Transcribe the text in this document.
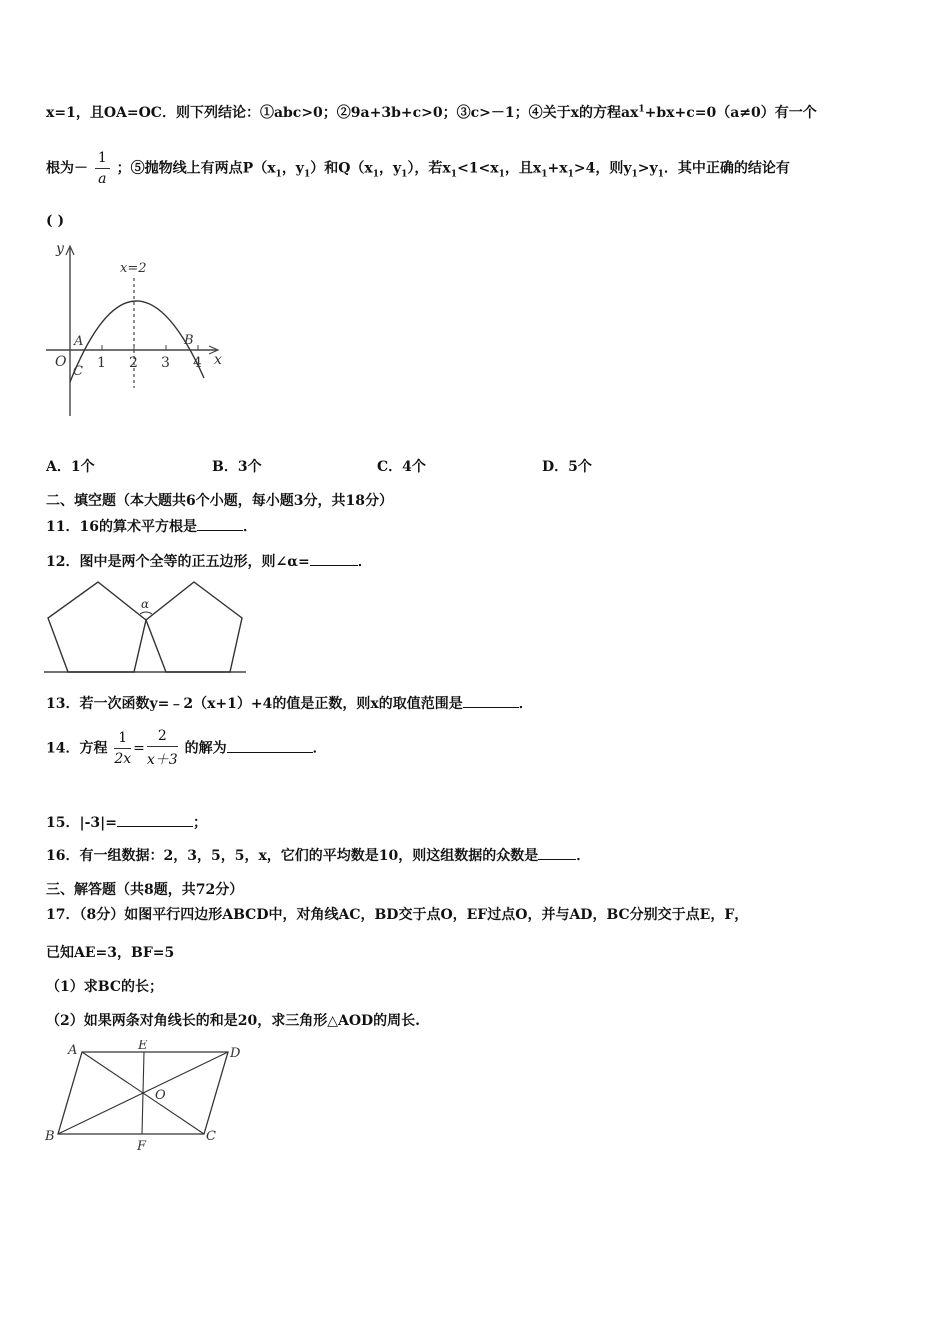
x=1，且OA=OC．则下列结论：①abc>0；②9a+3b+c>0；③c>－1；④关于x的方程$ax^1+bx+c=0(a\ne 0)$有一个
根为－ $\frac{1}{a}$ ；⑤抛物线上有两点$P(x_1$，$y_1$）和$Q(x_1$，$y_1$），若$x_1<1<x_1$，且$x_1+x_1>4$，则$y_1>y_1$．其中正确的结论有
( )
y
x
x=2
1 2 3 4
O
A	B
C
A．1个	B．3个	C．4个	D．5个
二、填空题（本大题共6个小题，每小题3分，共18分）
11．16的算术平方根是	．
12．图中是两个全等的正五边形，则∠α=	．
α
13．若一次函数y=﹣2（x+1）+4的值是正数，则x的取值范围是	．
14．方程 $\frac{1}{2x} = \frac{2}{x+3}$ 的解为	．
15．|-3|=	；
16．有一组数据：2，3，5，5，x，它们的平均数是10，则这组数据的众数是	．
三、解答题（共8题，共72分）
17．（8分）如图平行四边形ABCD中，对角线AC，BD交于点O，EF过点O，并与AD，BC分别交于点E，F，
已知AE=3，BF=5
（1）求BC的长；
（2）如果两条对角线长的和是20，求三角形△AOD的周长.
A	E
D
O
B
F
C
